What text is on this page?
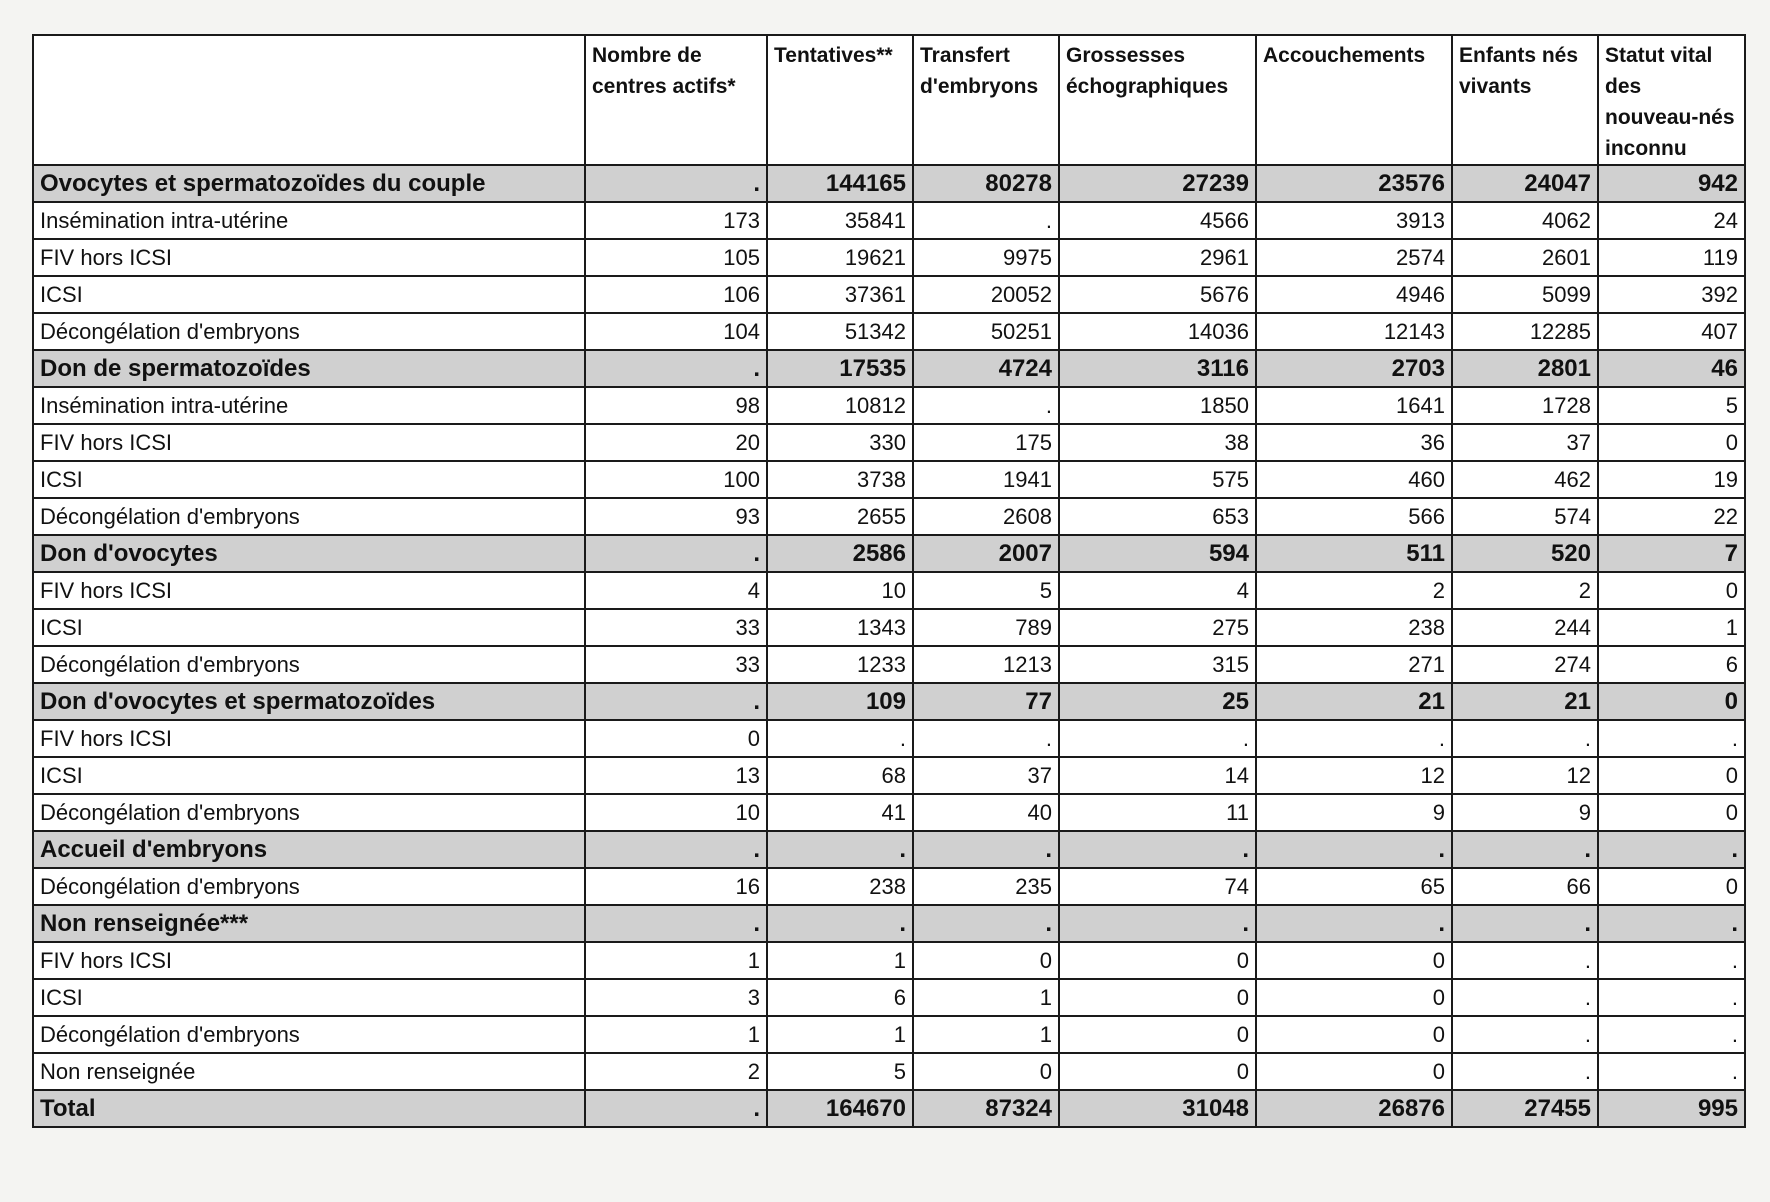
	Nombre de centres actifs*	Tentatives**	Transfert d'embryons	Grossesses échographiques	Accouchements	Enfants nés vivants	Statut vital des nouveau-nés inconnu
Ovocytes et spermatozoïdes du couple	.	144165	80278	27239	23576	24047	942
Insémination intra-utérine	173	35841	.	4566	3913	4062	24
FIV hors ICSI	105	19621	9975	2961	2574	2601	119
ICSI	106	37361	20052	5676	4946	5099	392
Décongélation d'embryons	104	51342	50251	14036	12143	12285	407
Don de spermatozoïdes	.	17535	4724	3116	2703	2801	46
Insémination intra-utérine	98	10812	.	1850	1641	1728	5
FIV hors ICSI	20	330	175	38	36	37	0
ICSI	100	3738	1941	575	460	462	19
Décongélation d'embryons	93	2655	2608	653	566	574	22
Don d'ovocytes	.	2586	2007	594	511	520	7
FIV hors ICSI	4	10	5	4	2	2	0
ICSI	33	1343	789	275	238	244	1
Décongélation d'embryons	33	1233	1213	315	271	274	6
Don d'ovocytes et spermatozoïdes	.	109	77	25	21	21	0
FIV hors ICSI	0	.	.	.	.	.	.
ICSI	13	68	37	14	12	12	0
Décongélation d'embryons	10	41	40	11	9	9	0
Accueil d'embryons	.	.	.	.	.	.	.
Décongélation d'embryons	16	238	235	74	65	66	0
Non renseignée***	.	.	.	.	.	.	.
FIV hors ICSI	1	1	0	0	0	.	.
ICSI	3	6	1	0	0	.	.
Décongélation d'embryons	1	1	1	0	0	.	.
Non renseignée	2	5	0	0	0	.	.
Total	.	164670	87324	31048	26876	27455	995
